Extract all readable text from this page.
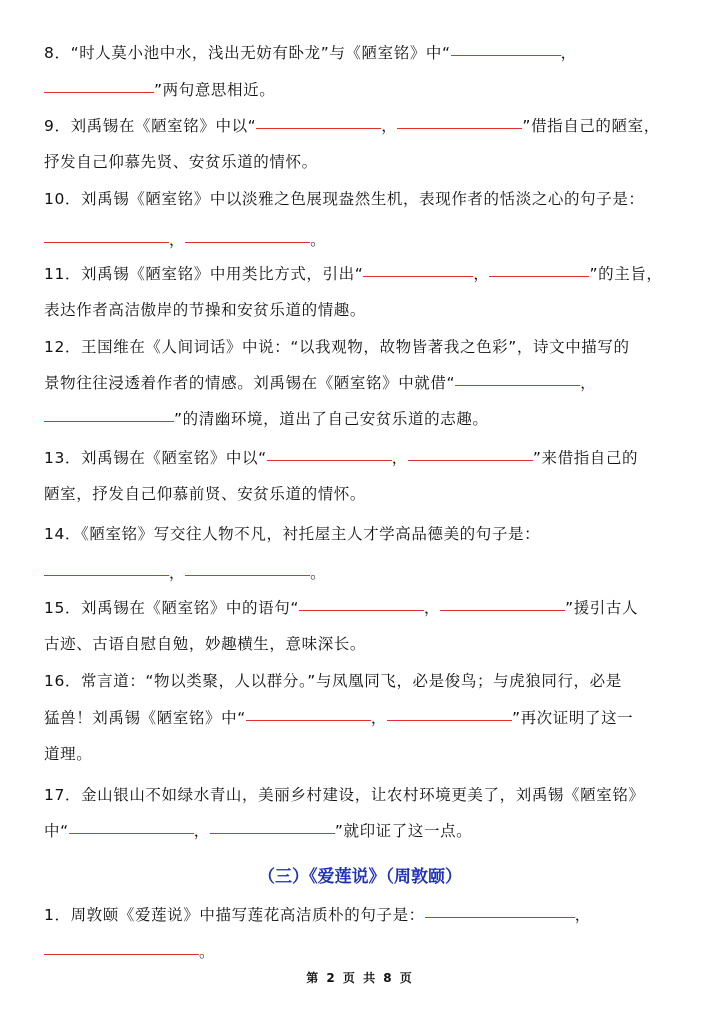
8．“时人莫小池中水，浅出无妨有卧龙”与《陋室铭》中“	，
”两句意思相近。
9．刘禹锡在《陋室铭》中以“	，	”借指自己的陋室，
抒发自己仰慕先贤、安贫乐道的情怀。
10．刘禹锡《陋室铭》中以淡雅之色展现盎然生机，表现作者的恬淡之心的句子是：
，	。
11．刘禹锡《陋室铭》中用类比方式，引出“	，	”的主旨，
表达作者高洁傲岸的节操和安贫乐道的情趣。
12．王国维在《人间词话》中说：“以我观物，故物皆著我之色彩”，诗文中描写的
景物往往浸透着作者的情感。刘禹锡在《陋室铭》中就借“	，
”的清幽环境，道出了自己安贫乐道的志趣。
13．刘禹锡在《陋室铭》中以“	，	”来借指自己的
陋室，抒发自己仰慕前贤、安贫乐道的情怀。
14．《陋室铭》写交往人物不凡，衬托屋主人才学高品德美的句子是：
，	。
15．刘禹锡在《陋室铭》中的语句“	，	”援引古人
古迹、古语自慰自勉，妙趣横生，意味深长。
16．常言道：“物以类聚，人以群分。”与凤凰同飞，必是俊鸟；与虎狼同行，必是
猛兽！刘禹锡《陋室铭》中“	，	”再次证明了这一
道理。
17．金山银山不如绿水青山，美丽乡村建设，让农村环境更美了，刘禹锡《陋室铭》
中“	，	”就印证了这一点。
（三）《爱莲说》（周敦颐）
1．周敦颐《爱莲说》中描写莲花高洁质朴的句子是：	，
。
第 2 页 共 8 页
